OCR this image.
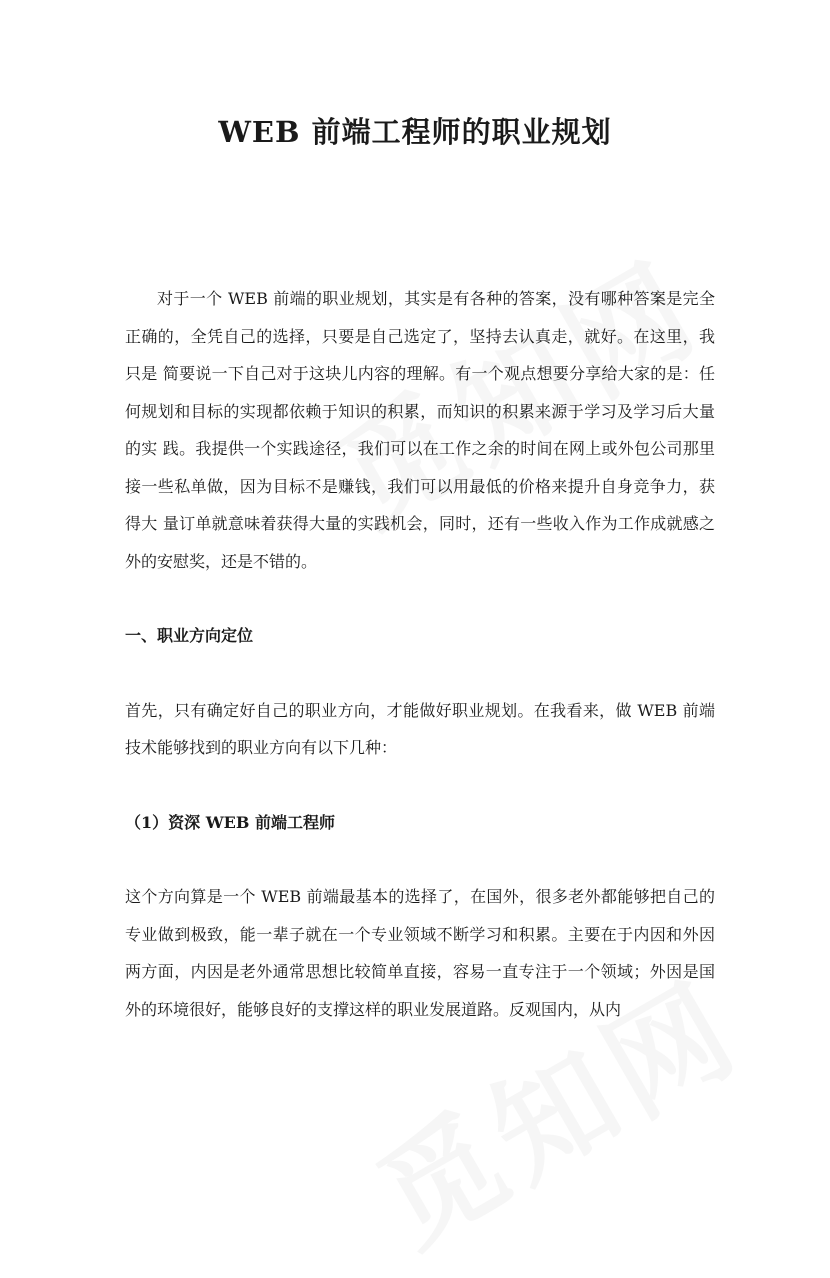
WEB 前端工程师的职业规划

对于一个 WEB 前端的职业规划，其实是有各种的答案，没有哪种答案是完全正确的，全凭自己的选择，只要是自己选定了，坚持去认真走，就好。在这里，我只是 简要说一下自己对于这块儿内容的理解。有一个观点想要分享给大家的是：任何规划和目标的实现都依赖于知识的积累，而知识的积累来源于学习及学习后大量的实 践。我提供一个实践途径，我们可以在工作之余的时间在网上或外包公司那里接一些私单做，因为目标不是赚钱，我们可以用最低的价格来提升自身竞争力，获得大 量订单就意味着获得大量的实践机会，同时，还有一些收入作为工作成就感之外的安慰奖，还是不错的。

一、职业方向定位

首先，只有确定好自己的职业方向，才能做好职业规划。在我看来，做 WEB 前端技术能够找到的职业方向有以下几种：

（1）资深 WEB 前端工程师

这个方向算是一个 WEB 前端最基本的选择了，在国外，很多老外都能够把自己的专业做到极致，能一辈子就在一个专业领域不断学习和积累。主要在于内因和外因 两方面，内因是老外通常思想比较简单直接，容易一直专注于一个领域；外因是国外的环境很好，能够良好的支撑这样的职业发展道路。反观国内，从内
